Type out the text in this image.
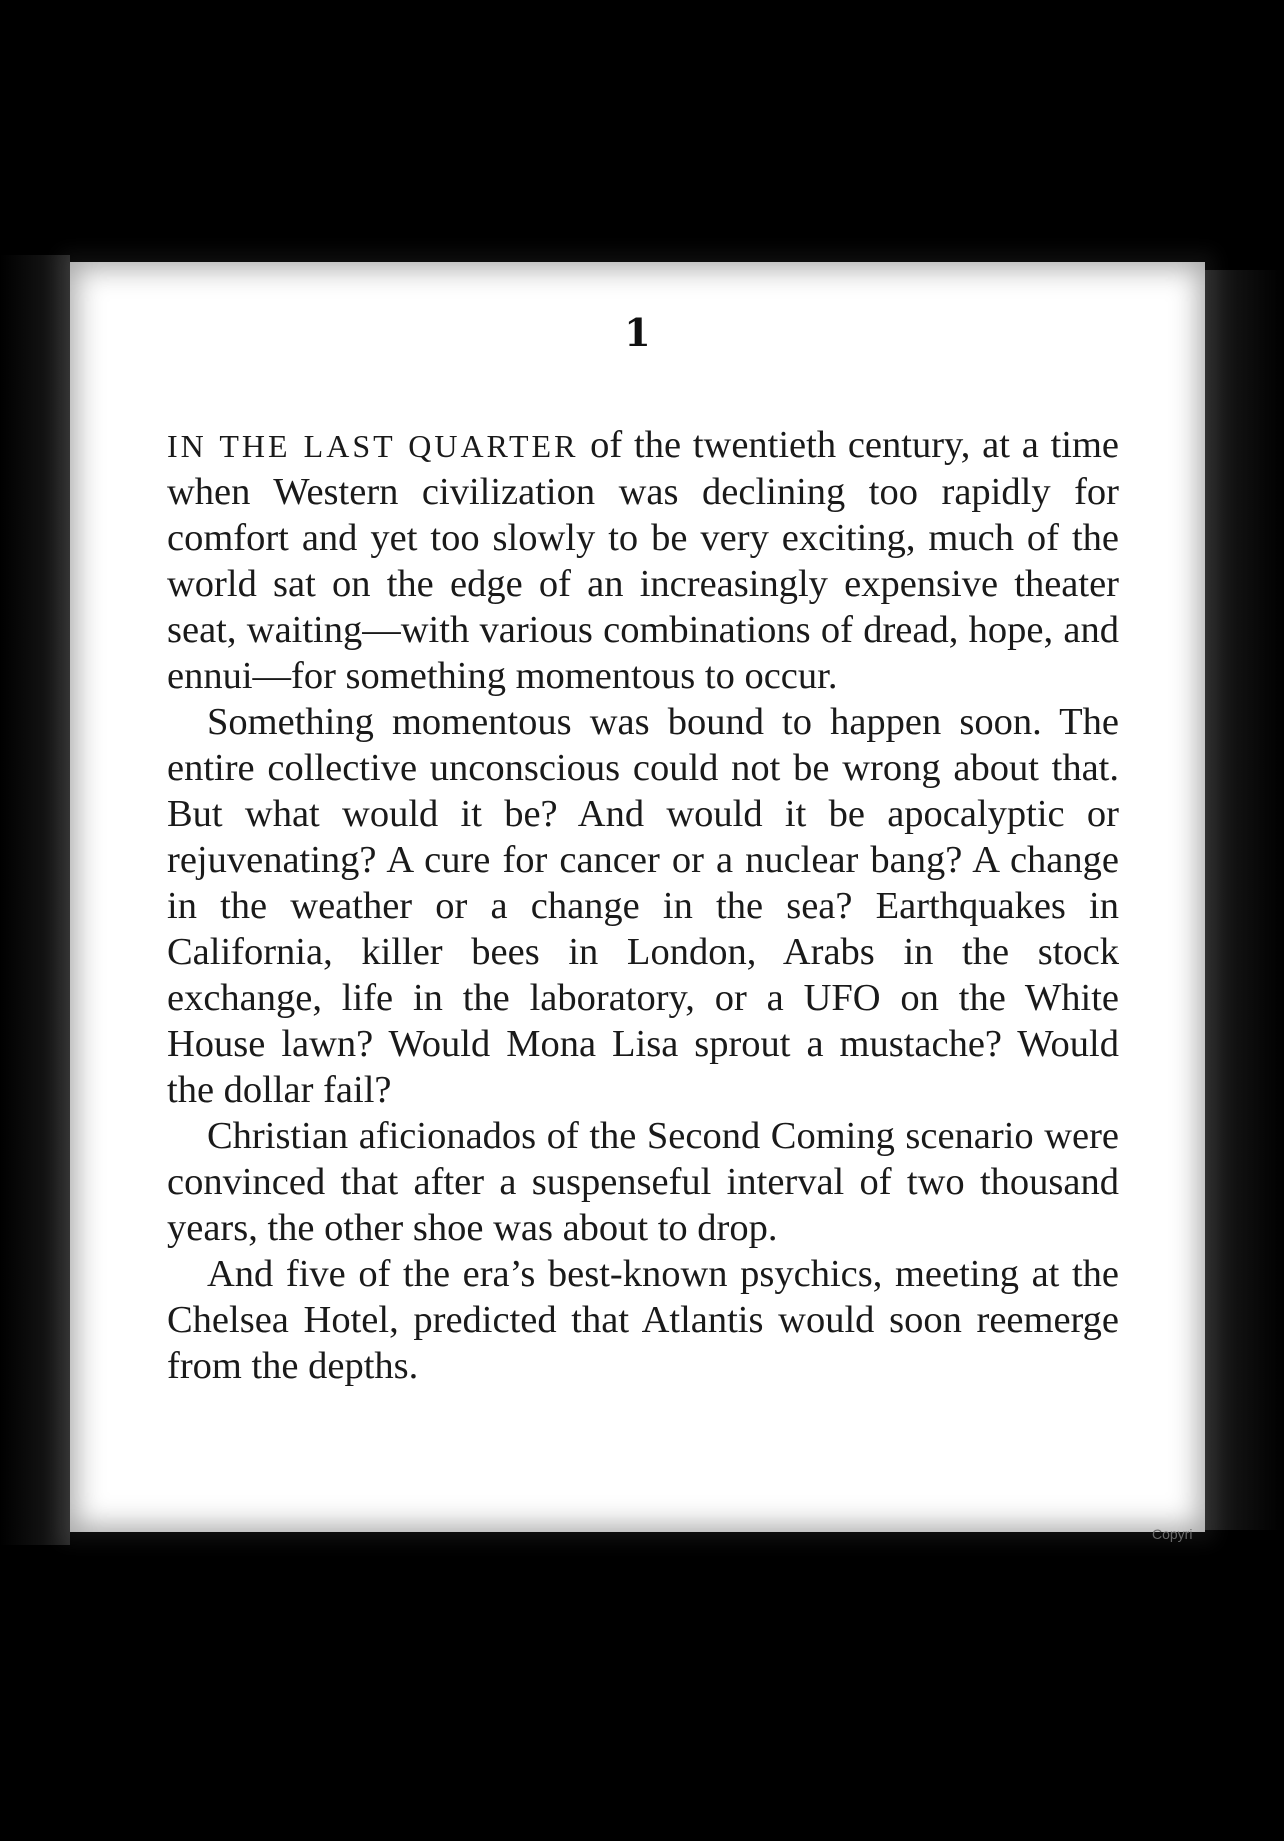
1

IN THE LAST QUARTER of the twentieth century, at a time when Western civilization was declining too rapidly for comfort and yet too slowly to be very exciting, much of the world sat on the edge of an increasingly expensive theater seat, waiting—with various combinations of dread, hope, and ennui—for something momentous to occur.

Something momentous was bound to happen soon. The entire collective unconscious could not be wrong about that. But what would it be? And would it be apocalyptic or rejuvenating? A cure for cancer or a nuclear bang? A change in the weather or a change in the sea? Earthquakes in California, killer bees in London, Arabs in the stock exchange, life in the laboratory, or a UFO on the White House lawn? Would Mona Lisa sprout a mustache? Would the dollar fail?

Christian aficionados of the Second Coming scenario were convinced that after a suspenseful interval of two thousand years, the other shoe was about to drop.

And five of the era’s best-known psychics, meeting at the Chelsea Hotel, predicted that Atlantis would soon reemerge from the depths.

Copyri
